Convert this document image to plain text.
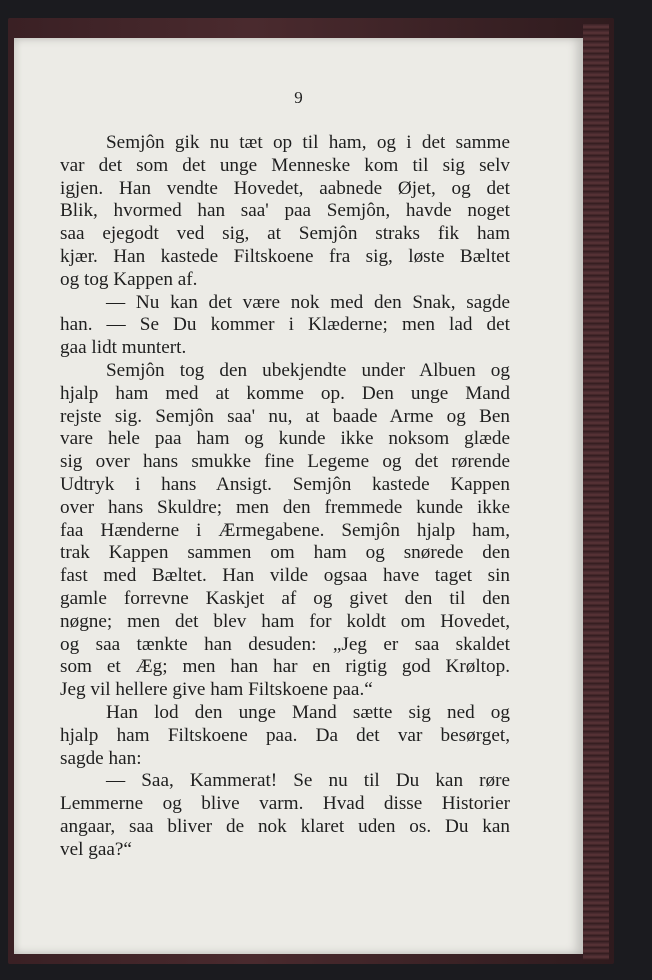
9
Semjôn gik nu tæt op til ham, og i det samme
var det som det unge Menneske kom til sig selv
igjen. Han vendte Hovedet, aabnede Øjet, og det
Blik, hvormed han saa' paa Semjôn, havde noget
saa ejegodt ved sig, at Semjôn straks fik ham
kjær. Han kastede Filtskoene fra sig, løste Bæltet
og tog Kappen af.
— Nu kan det være nok med den Snak, sagde
han. — Se Du kommer i Klæderne; men lad det
gaa lidt muntert.
Semjôn tog den ubekjendte under Albuen og
hjalp ham med at komme op. Den unge Mand
rejste sig. Semjôn saa' nu, at baade Arme og Ben
vare hele paa ham og kunde ikke noksom glæde
sig over hans smukke fine Legeme og det rørende
Udtryk i hans Ansigt. Semjôn kastede Kappen
over hans Skuldre; men den fremmede kunde ikke
faa Hænderne i Ærmegabene. Semjôn hjalp ham,
trak Kappen sammen om ham og snørede den
fast med Bæltet. Han vilde ogsaa have taget sin
gamle forrevne Kaskjet af og givet den til den
nøgne; men det blev ham for koldt om Hovedet,
og saa tænkte han desuden: „Jeg er saa skaldet
som et Æg; men han har en rigtig god Krøltop.
Jeg vil hellere give ham Filtskoene paa.“
Han lod den unge Mand sætte sig ned og
hjalp ham Filtskoene paa. Da det var besørget,
sagde han:
— Saa, Kammerat! Se nu til Du kan røre
Lemmerne og blive varm. Hvad disse Historier
angaar, saa bliver de nok klaret uden os. Du kan
vel gaa?“
